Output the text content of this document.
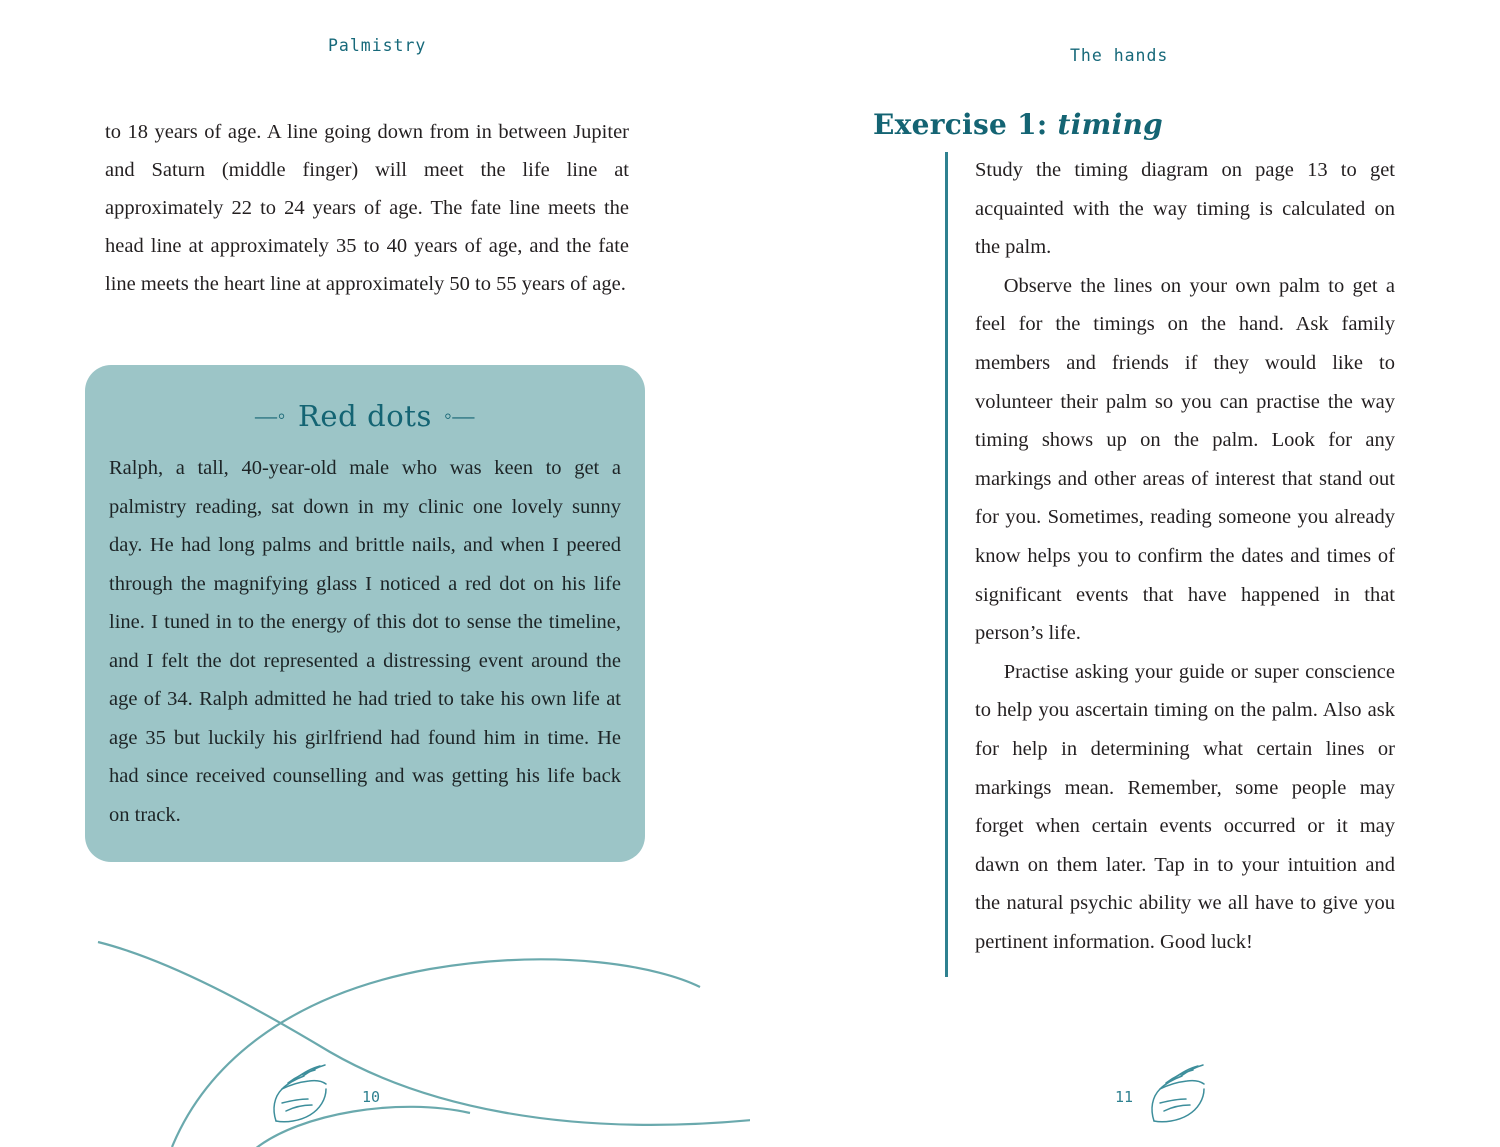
Palmistry

to 18 years of age. A line going down from in between Jupiter and Saturn (middle finger) will meet the life line at approximately 22 to 24 years of age. The fate line meets the head line at approximately 35 to 40 years of age, and the fate line meets the heart line at approximately 50 to 55 years of age.

—◦ Red dots ◦—

Ralph, a tall, 40-year-old male who was keen to get a palmistry reading, sat down in my clinic one lovely sunny day. He had long palms and brittle nails, and when I peered through the magnifying glass I noticed a red dot on his life line. I tuned in to the energy of this dot to sense the timeline, and I felt the dot represented a distressing event around the age of 34. Ralph admitted he had tried to take his own life at age 35 but luckily his girlfriend had found him in time. He had since received counselling and was getting his life back on track.

10
The hands
Exercise 1: timing

Study the timing diagram on page 13 to get acquainted with the way timing is calculated on the palm.

Observe the lines on your own palm to get a feel for the timings on the hand. Ask family members and friends if they would like to volunteer their palm so you can practise the way timing shows up on the palm. Look for any markings and other areas of interest that stand out for you. Sometimes, reading someone you already know helps you to confirm the dates and times of significant events that have happened in that person’s life.

Practise asking your guide or super conscience to help you ascertain timing on the palm. Also ask for help in determining what certain lines or markings mean. Remember, some people may forget when certain events occurred or it may dawn on them later. Tap in to your intuition and the natural psychic ability we all have to give you pertinent information. Good luck!

11
